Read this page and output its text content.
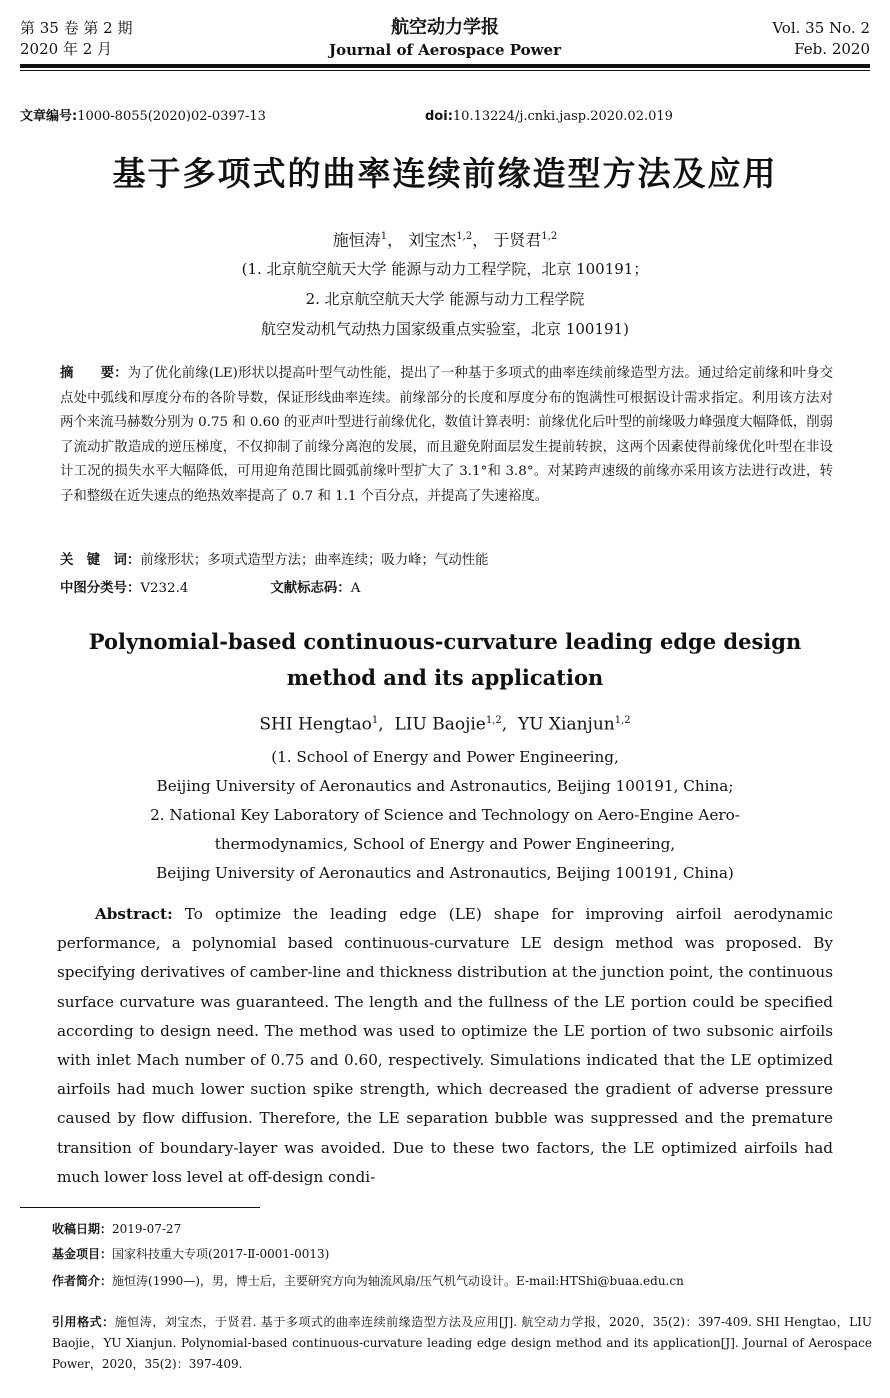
第 35 卷 第 2 期
2020 年 2 月
航空动力学报
Journal of Aerospace Power
Vol. 35 No. 2
Feb. 2020
文章编号:1000-8055(2020)02-0397-13	doi:10.13224/j.cnki.jasp.2020.02.019
基于多项式的曲率连续前缘造型方法及应用
施恒涛$^1$， 刘宝杰$^{1,2}$， 于贤君$^{1,2}$
(1. 北京航空航天大学 能源与动力工程学院，北京 100191；
2. 北京航空航天大学 能源与动力工程学院
航空发动机气动热力国家级重点实验室，北京 100191)
摘　　要：为了优化前缘(LE)形状以提高叶型气动性能，提出了一种基于多项式的曲率连续前缘造型方法。通过给定前缘和叶身交点处中弧线和厚度分布的各阶导数，保证形线曲率连续。前缘部分的长度和厚度分布的饱满性可根据设计需求指定。利用该方法对两个来流马赫数分别为 0.75 和 0.60 的亚声叶型进行前缘优化，数值计算表明：前缘优化后叶型的前缘吸力峰强度大幅降低，削弱了流动扩散造成的逆压梯度，不仅抑制了前缘分离泡的发展，而且避免附面层发生提前转捩，这两个因素使得前缘优化叶型在非设计工况的损失水平大幅降低，可用迎角范围比圆弧前缘叶型扩大了 3.1°和 3.8°。对某跨声速级的前缘亦采用该方法进行改进，转子和整级在近失速点的绝热效率提高了 0.7 和 1.1 个百分点，并提高了失速裕度。
关　键　词：前缘形状；多项式造型方法；曲率连续；吸力峰；气动性能
中图分类号：V232.4	文献标志码：A
Polynomial-based continuous-curvature leading edge design
method and its application
SHI Hengtao$^1$,  LIU Baojie$^{1,2}$,  YU Xianjun$^{1,2}$
(1. School of Energy and Power Engineering,
Beijing University of Aeronautics and Astronautics, Beijing 100191, China;
2. National Key Laboratory of Science and Technology on Aero-Engine Aero-
thermodynamics, School of Energy and Power Engineering,
Beijing University of Aeronautics and Astronautics, Beijing 100191, China)
Abstract: To optimize the leading edge (LE) shape for improving airfoil aerodynamic performance, a polynomial based continuous-curvature LE design method was proposed. By specifying derivatives of camber-line and thickness distribution at the junction point, the continuous surface curvature was guaranteed. The length and the fullness of the LE portion could be specified according to design need. The method was used to optimize the LE portion of two subsonic airfoils with inlet Mach number of 0.75 and 0.60, respectively. Simulations indicated that the LE optimized airfoils had much lower suction spike strength, which decreased the gradient of adverse pressure caused by flow diffusion. Therefore, the LE separation bubble was suppressed and the premature transition of boundary-layer was avoided. Due to these two factors, the LE optimized airfoils had much lower loss level at off-design condi-
收稿日期：2019-07-27
基金项目：国家科技重大专项(2017-Ⅱ-0001-0013)
作者简介：施恒涛(1990—)，男，博士后，主要研究方向为轴流风扇/压气机气动设计。E-mail:HTShi@buaa.edu.cn
引用格式：施恒涛，刘宝杰，于贤君. 基于多项式的曲率连续前缘造型方法及应用[J]. 航空动力学报，2020，35(2)：397-409. SHI Hengtao，LIU Baojie，YU Xianjun. Polynomial-based continuous-curvature leading edge design method and its application[J]. Journal of Aerospace Power，2020，35(2)：397-409.
